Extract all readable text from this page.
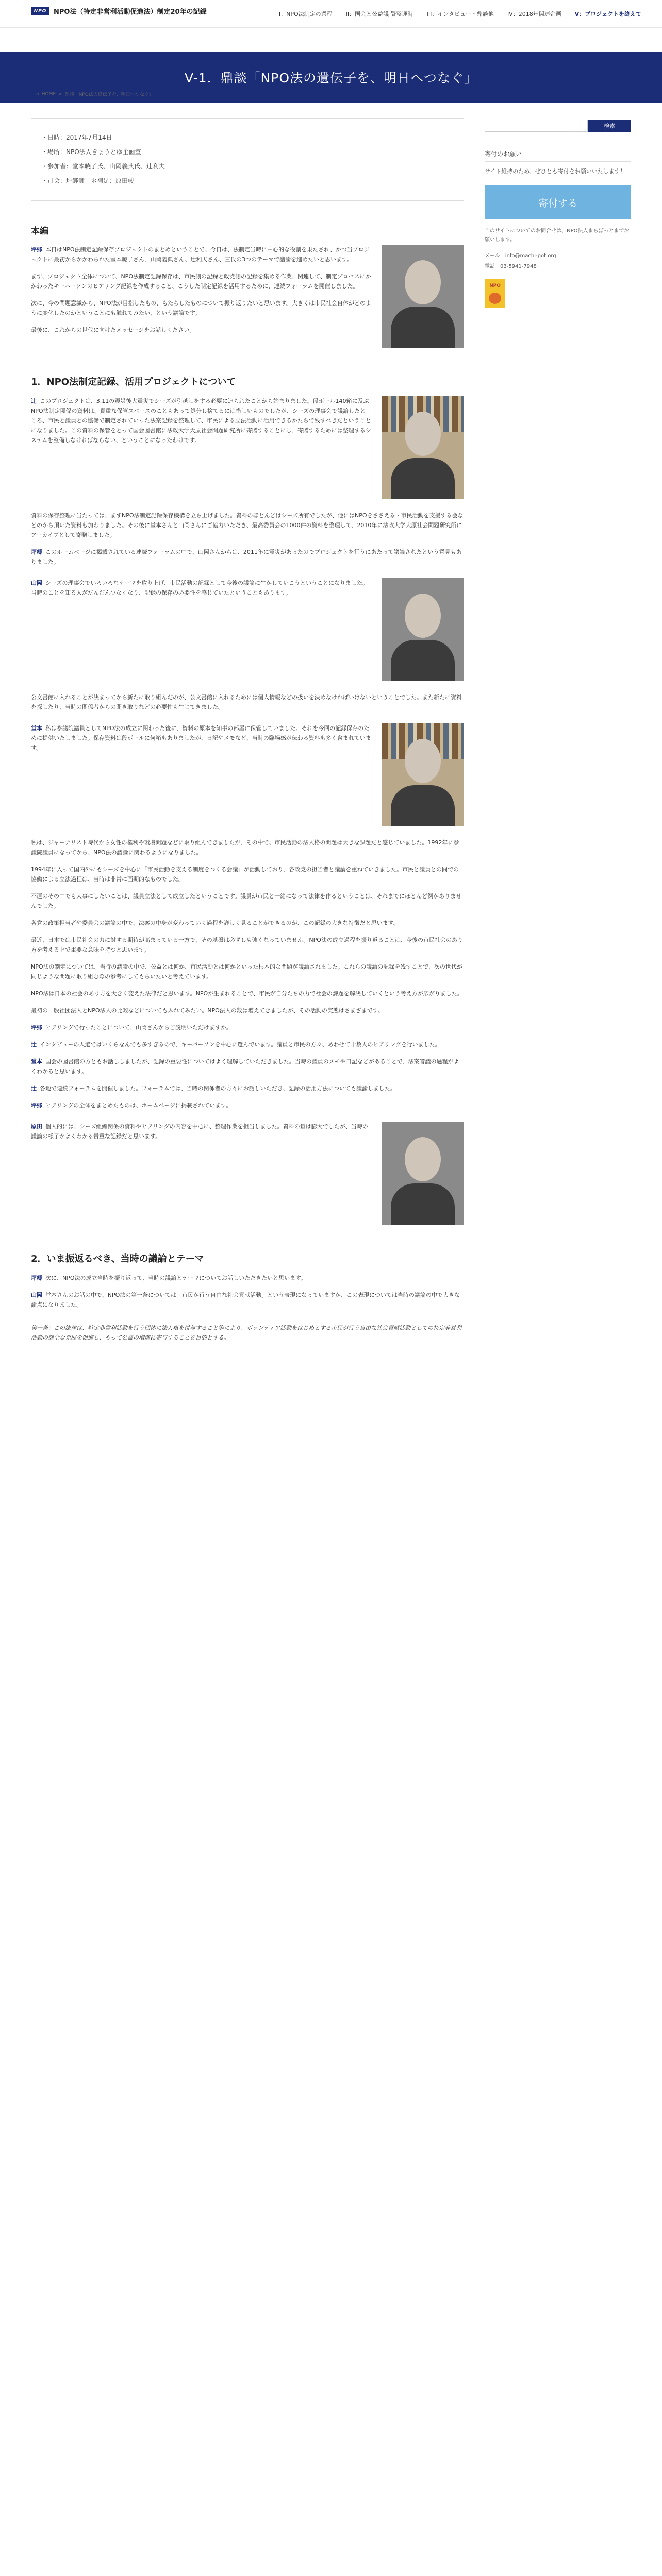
NPO	NPO法（特定非営利活動促進法）制定20年の記録	I：NPO法制定の過程 II：国会と公益議 署整運時 III：インタビュー・鼎談他 IV：2018年関連企画 V：プロジェクトを終えて
V-1．鼎談「NPO法の遺伝子を、明日へつなぐ」
⌂ HOME > 鼎談「NPO法の遺伝子を、明日へつなぐ」
・ 日時：2017年7月14日
・ 場所：NPO法人きょうとゆ企画室
・ 参加者：堂本暁子氏、山岡義典氏、辻利夫
・ 司会：坪郷實　＊補足：原田峻
本編

坪郷 本日はNPO法制定記録保存プロジェクトのまとめということで、今日は、法制定当時に中心的な役割を果たされ、かつ当プロジェクトに最初からかかわられた堂本暁子さん、山岡義典さん、辻利夫さん、三氏の3つのテーマで議論を進めたいと思います。

まず、プロジェクト全体について、NPO法制定記録保存は、市民側の記録と政党側の記録を集める作業、関連して、制定プロセスにかかわったキーパーソンのヒアリング記録を作成すること、こうした制定記録を活用するために、連続フォーラムを開催しました。

次に、今の問題意識から、NPO法が目指したもの、もたらしたものについて振り返りたいと思います。大きくは市民社会自体がどのように変化したのかということにも触れてみたい、という議論です。

最後に、これからの世代に向けたメッセージをお話しください。

1．NPO法制定記録、活用プロジェクトについて

辻 このプロジェクトは、3.11の震災後大震災でシーズが引越しをする必要に迫られたことから始まりました。段ボール140箱に及ぶNPO法制定関係の資料は、貴重な保管スペースのこともあって処分し捨てるには惜しいものでしたが、シーズの理事会で議論したところ、市民と議員との協働で制定されていった法案記録を整理して、市民による立法活動に活用できるかたちで残すべきだということになりました。この資料の保管をとって国会図書館に法政大学大原社会問題研究所に寄贈することにし、寄贈するためには整理するシステムを整備しなければならない、ということになったわけです。

資料の保存整理に当たっては、まずNPO法制定記録保存機構を立ち上げました。資料のほとんどはシーズ所有でしたが、他にはNPOをささえる・市民活動を支援する会などのから頂いた資料も加わりました。その後に堂本さんと山岡さんにご協力いただき、最高委員会の1000件の資料を整理して、2010年に法政大学大原社会問題研究所にアーカイブとして寄贈しました。

坪郷 このホームページに掲載されている連続フォーラムの中で、山岡さんからは、2011年に震災があったのでプロジェクトを行うにあたって議論されたという意見もありました。

山岡 シーズの理事会でいろいろなテーマを取り上げ、市民活動の記録として今後の議論に生かしていこうということになりました。当時のことを知る人がだんだん少なくなり、記録の保存の必要性を感じていたということもあります。

公文書館に入れることが決まってから新たに取り組んだのが、公文書館に入れるためには個人情報などの扱いを決めなければいけないということでした。また新たに資料を探したり、当時の関係者からの聞き取りなどの必要性も生じてきました。

堂本 私は参議院議員としてNPO法の成立に関わった後に、資料の原本を知事の部屋に保管していました。それを今回の記録保存のために提供いたしました。保存資料は段ボールに何箱もありましたが、日記やメモなど、当時の臨場感が伝わる資料も多く含まれています。

私は、ジャーナリスト時代から女性の権利や環境問題などに取り組んできましたが、その中で、市民活動の法人格の問題は大きな課題だと感じていました。1992年に参議院議員になってから、NPO法の議論に関わるようになりました。

1994年に入って国内外にもシーズを中心に「市民活動を支える制度をつくる会議」が活動しており、各政党の担当者と議論を重ねていきました。市民と議員との間での協働による立法過程は、当時は非常に画期的なものでした。

不運のその中でも大事にしたいことは、議員立法として成立したということです。議員が市民と一緒になって法律を作るということは、それまでにほとんど例がありませんでした。

各党の政策担当者や委員会の議論の中で、法案の中身が変わっていく過程を詳しく見ることができるのが、この記録の大きな特徴だと思います。

最近、日本では市民社会の力に対する期待が高まっている一方で、その基盤は必ずしも強くなっていません。NPO法の成立過程を振り返ることは、今後の市民社会のあり方を考える上で重要な意味を持つと思います。

NPO法の制定については、当時の議論の中で、公益とは何か、市民活動とは何かといった根本的な問題が議論されました。これらの議論の記録を残すことで、次の世代が同じような問題に取り組む際の参考にしてもらいたいと考えています。

NPO法は日本の社会のあり方を大きく変えた法律だと思います。NPOが生まれることで、市民が自分たちの力で社会の課題を解決していくという考え方が広がりました。

最初の一般社団法人とNPO法人の比較などについてもふれてみたい。NPO法人の数は増えてきましたが、その活動の実態はさまざまです。

坪郷 ヒアリングで行ったことについて、山岡さんからご説明いただけますか。

辻 インタビューの人選ではいくらなんでも多すぎるので、キーパーソンを中心に選んでいます。議員と市民の方々、あわせて十数人のヒアリングを行いました。

堂本 国会の図書館の方ともお話ししましたが、記録の重要性についてはよく理解していただきました。当時の議員のメモや日記などがあることで、法案審議の過程がよくわかると思います。

辻 各地で連続フォーラムを開催しました。フォーラムでは、当時の関係者の方々にお話しいただき、記録の活用方法についても議論しました。

坪郷 ヒアリングの全体をまとめたものは、ホームページに掲載されています。

原田 個人的には、シーズ組織関係の資料やヒアリングの内容を中心に、整理作業を担当しました。資料の量は膨大でしたが、当時の議論の様子がよくわかる貴重な記録だと思います。

2．いま振返るべき、当時の議論とテーマ

坪郷 次に、NPO法の成立当時を振り返って、当時の議論とテーマについてお話しいただきたいと思います。

山岡 堂本さんのお話の中で、NPO法の第一条については「市民が行う自由な社会貢献活動」という表現になっていますが、この表現については当時の議論の中で大きな論点になりました。

第一条：この法律は、特定非営利活動を行う団体に法人格を付与すること等により、ボランティア活動をはじめとする市民が行う自由な社会貢献活動としての特定非営利活動の健全な発展を促進し、もって公益の増進に寄与することを目的とする。

検索
寄付のお願い
サイト維持のため、ぜひとも寄付をお願いいたします！
寄付する
このサイトについてのお問合せは、NPO法人まちぽっとまでお願いします。
メール　info@machi-pot.org
電話　03-5941-7948
NPO
